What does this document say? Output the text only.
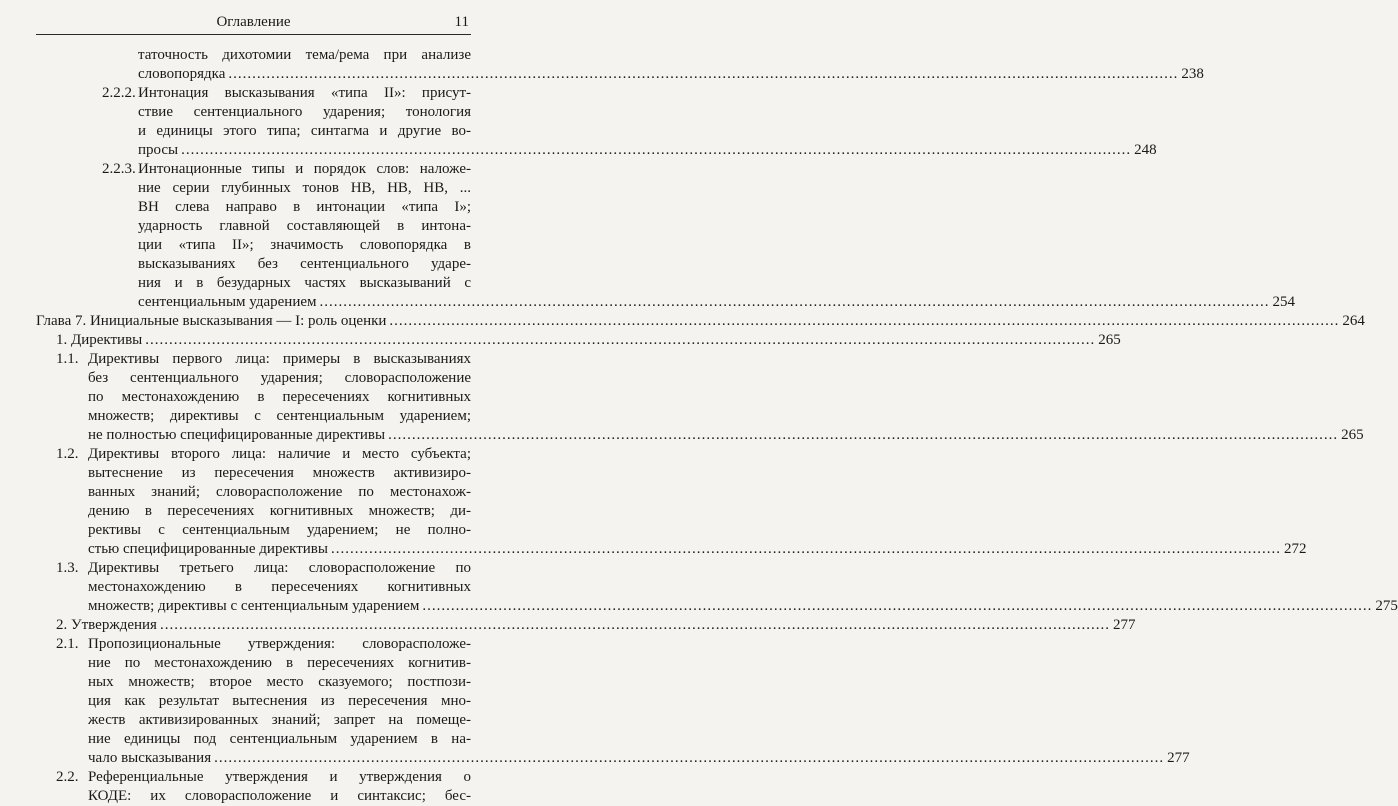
Оглавление	11
таточность дихотомии тема/рема при анализе
словопорядка ........................................................................................................................................................................................................ 238
2.2.2. Интонация высказывания «типа II»: присут-
ствие сентенциального ударения; тонология
и единицы этого типа; синтагма и другие во-
просы ........................................................................................................................................................................................................ 248
2.2.3. Интонационные типы и порядок слов: наложе-
ние серии глубинных тонов НВ, НВ, НВ, ...
ВН слева направо в интонации «типа I»;
ударность главной составляющей в интона-
ции «типа II»; значимость словопорядка в
высказываниях без сентенциального ударе-
ния и в безударных частях высказываний с
сентенциальным ударением ........................................................................................................................................................................................................ 254
Глава 7. Инициальные высказывания — I: роль оценки ........................................................................................................................................................................................................ 264
1. Директивы ........................................................................................................................................................................................................ 265
1.1. Директивы первого лица: примеры в высказываниях
без сентенциального ударения; словорасположение
по местонахождению в пересечениях когнитивных
множеств; директивы с сентенциальным ударением;
не полностью специфицированные директивы ........................................................................................................................................................................................................ 265
1.2. Директивы второго лица: наличие и место субъекта;
вытеснение из пересечения множеств активизиро-
ванных знаний; словорасположение по местонахож-
дению в пересечениях когнитивных множеств; ди-
рективы с сентенциальным ударением; не полно-
стью специфицированные директивы ........................................................................................................................................................................................................ 272
1.3. Директивы третьего лица: словорасположение по
местонахождению в пересечениях когнитивных
множеств; директивы с сентенциальным ударением ........................................................................................................................................................................................................ 275
2. Утверждения ........................................................................................................................................................................................................ 277
2.1. Пропозициональные утверждения: словорасположе-
ние по местонахождению в пересечениях когнитив-
ных множеств; второе место сказуемого; постпози-
ция как результат вытеснения из пересечения мно-
жеств активизированных знаний; запрет на помеще-
ние единицы под сентенциальным ударением в на-
чало высказывания ........................................................................................................................................................................................................ 277
2.2. Референциальные утверждения и утверждения о
КОДЕ: их словорасположение и синтаксис; бес-
